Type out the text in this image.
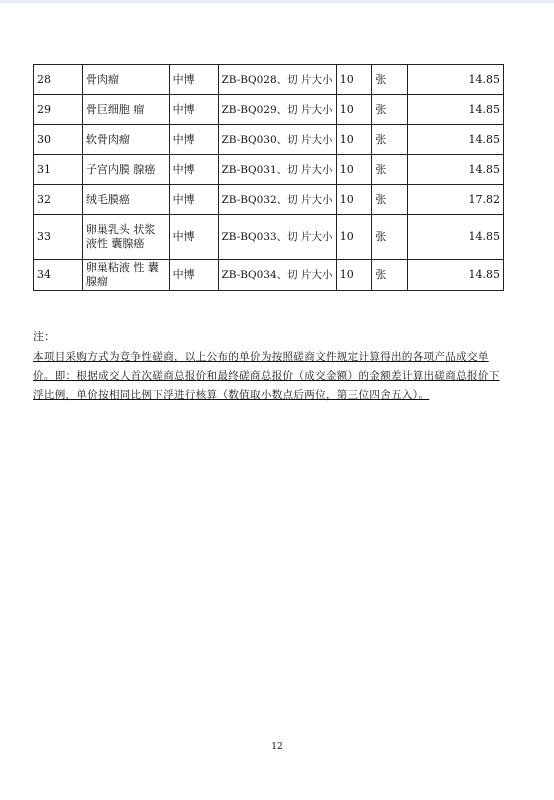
28	骨肉瘤	中博	ZB-BQ028、切 片大小	10	张	14.85
29	骨巨细胞 瘤	中博	ZB-BQ029、切 片大小	10	张	14.85
30	软骨肉瘤	中博	ZB-BQ030、切 片大小	10	张	14.85
31	子宫内膜 腺癌	中博	ZB-BQ031、切 片大小	10	张	14.85
32	绒毛膜癌	中博	ZB-BQ032、切 片大小	10	张	17.82
33	卵巢乳头 状浆液性 囊腺癌	中博	ZB-BQ033、切 片大小	10	张	14.85
34	卵巢粘液 性 囊腺瘤	中博	ZB-BQ034、切 片大小	10	张	14.85
注：
本项目采购方式为竞争性磋商，以上公布的单价为按照磋商文件规定计算得出的各项产品成交单价。即：根据成交人首次磋商总报价和最终磋商总报价（成交金额）的金额差计算出磋商总报价下浮比例，单价按相同比例下浮进行核算（数值取小数点后两位，第三位四舍五入）。
12
